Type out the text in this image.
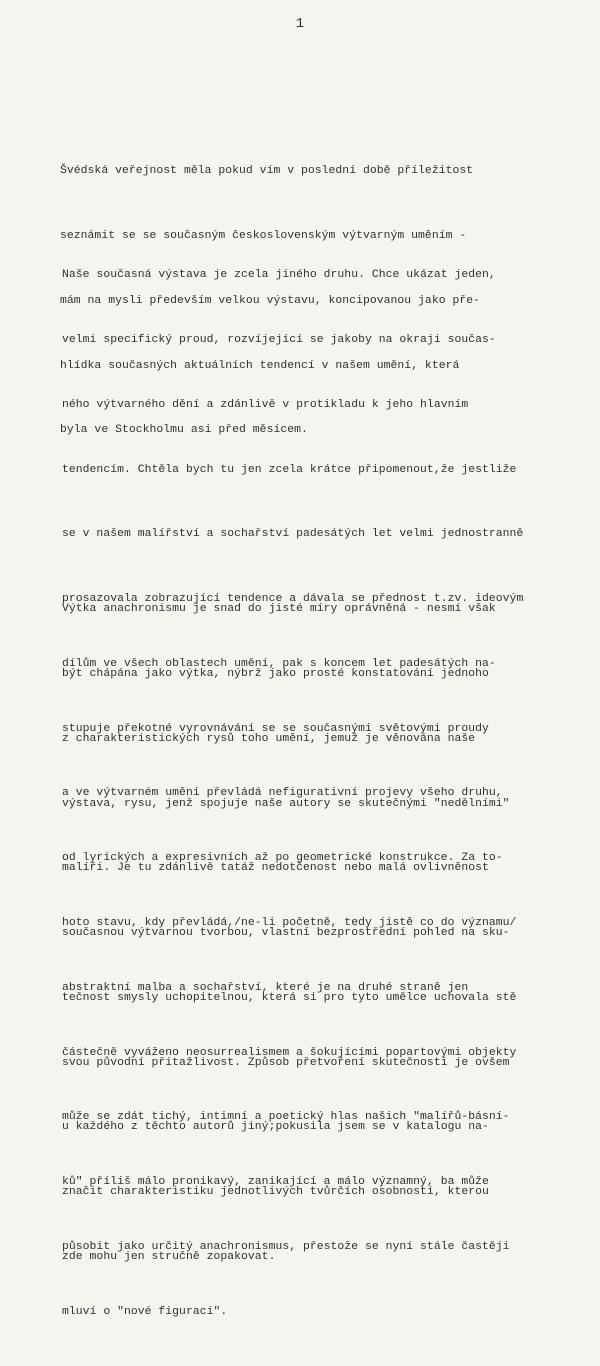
1

Švédská veřejnost měla pokud vím v poslední době příležitost

seznámit se se současným československým výtvarným uměním -

mám na mysli především velkou výstavu, koncipovanou jako přе-

hlídka současných aktuálních tendencí v našem umění, která

byla ve Stockholmu asi před měsícem.

Naše současná výstava je zcela jiného druhu. Chce ukázat jeden,

velmi specifický proud, rozvíjející se jakoby na okraji součas-

ného výtvarného dění a zdánlivě v protikladu k jeho hlavním

tendencím. Chtěla bych tu jen zcela krátce připomenout,že jestliže

se v našem malířství a sochařství padesátých let velmi jednostranně

prosazovala zobrazující tendence a dávala se přednost t.zv. ideovým

dílům ve všech oblastech umění, pak s koncem let padesátých na-

stupuje překotné vyrovnávání se se současnými světovými proudy

a ve výtvarném umění převládá nefigurativní projevy všeho druhu,

od lyrických a expresivních až po geometrické konstrukce. Za to-

hoto stavu, kdy převládá,/ne-li početně, tedy jistě co do významu/

abstraktní malba a sochařství, které je na druhé straně jen

částečně vyváženo neosurrealismem a šokujícími popartovými objekty

může se zdát tichý, intimní a poetický hlas našich "malířů-básní-

ků" příliš málo pronikavý, zanikající a málo významný, ba může

působit jako určitý anachronismus, přestože se nyní stále častěji

mluví o "nové figuraci".

Výtka anachronismu je snad do jisté míry oprávněná - nesmí však

být chápána jako výtka, nýbrž jako prosté konstatování jednoho

z charakteristických rysů toho umění, jemuž je věnována naše

výstava, rysu, jenž spojuje naše autory se skutečnými "nedělními"

malíři. Je tu zdánlivě tatáž nedotčenost nebo malá ovlivněnost

současnou výtvarnou tvorbou, vlastní bezprostřední pohled na sku-

tečnost smysly uchopitelnou, která si pro tyto umělce uchovala stě

svou původní přitažlivost. Způsob přetvoření skutečnosti je ovšem

u každého z těchto autorů jiný;pokusila jsem se v katalogu na-

značit charakteristiku jednotlivých tvůrčích osobností, kterou

zde mohu jen stručně zopakovat.
